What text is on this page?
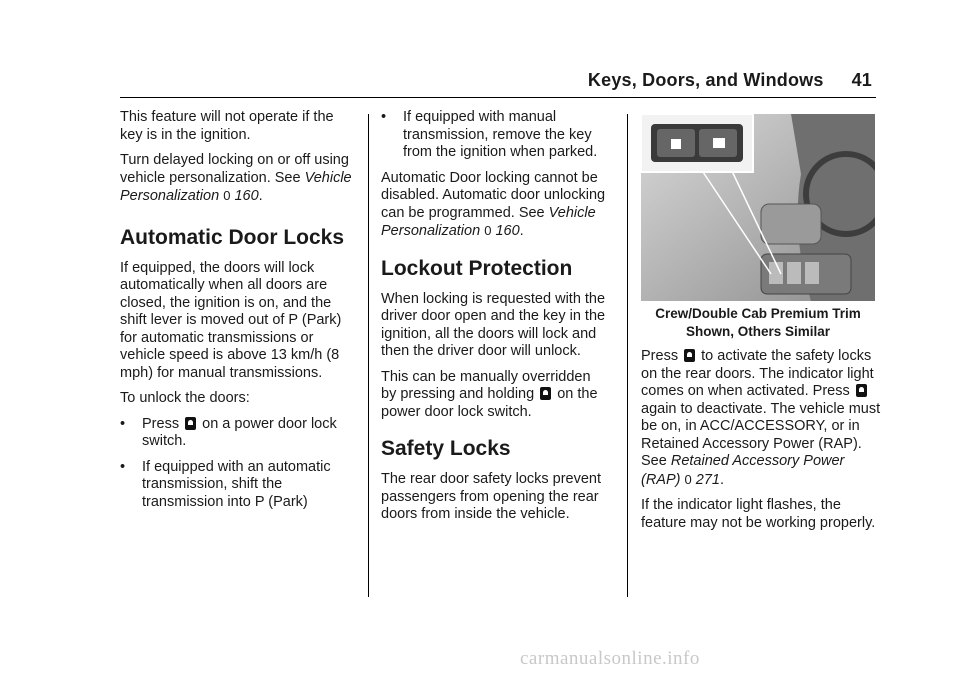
Keys, Doors, and Windows 41

This feature will not operate if the key is in the ignition.

Turn delayed locking on or off using vehicle personalization. See Vehicle Personalization 0 160.

Automatic Door Locks

If equipped, the doors will lock automatically when all doors are closed, the ignition is on, and the shift lever is moved out of P (Park) for automatic transmissions or vehicle speed is above 13 km/h (8 mph) for manual transmissions.

To unlock the doors:

•	Press on a power door lock switch.
•	If equipped with an automatic transmission, shift the transmission into P (Park)
•	If equipped with manual transmission, remove the key from the ignition when parked.

Automatic Door locking cannot be disabled. Automatic door unlocking can be programmed. See Vehicle Personalization 0 160.

Lockout Protection

When locking is requested with the driver door open and the key in the ignition, all the doors will lock and then the driver door will unlock.

This can be manually overridden by pressing and holding on the power door lock switch.

Safety Locks

The rear door safety locks prevent passengers from opening the rear doors from inside the vehicle.

Crew/Double Cab Premium Trim
Shown, Others Similar

Press to activate the safety locks on the rear doors. The indicator light comes on when activated. Press  again to deactivate. The vehicle must be on, in ACC/ACCESSORY, or in Retained Accessory Power (RAP). See Retained Accessory Power (RAP) 0 271.

If the indicator light flashes, the feature may not be working properly.

carmanualsonline.info
